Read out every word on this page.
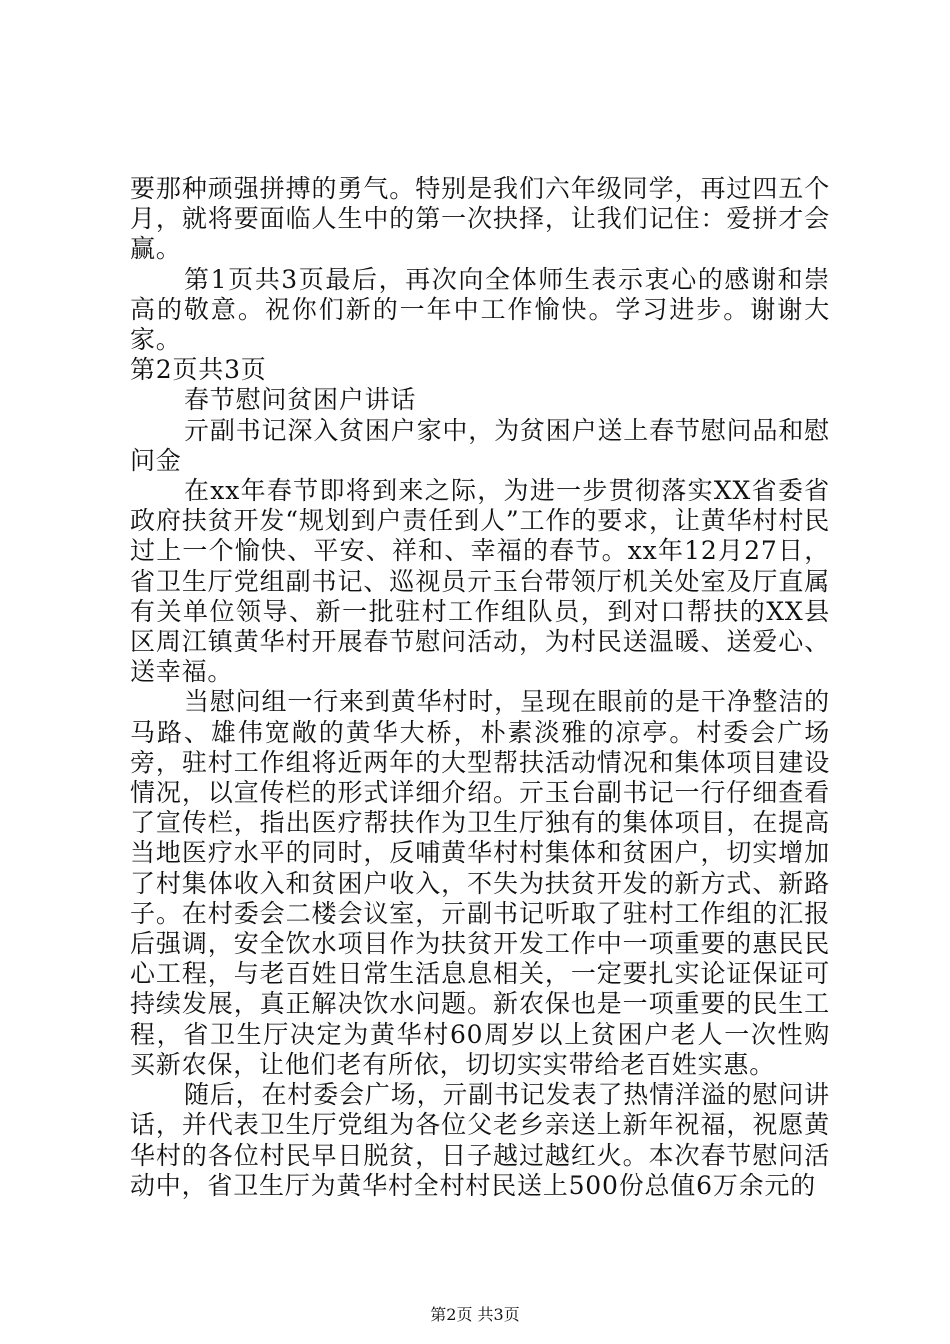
要那种顽强拼搏的勇气。特别是我们六年级同学，再过四五个月，就将要面临人生中的第一次抉择，让我们记住：爱拼才会赢。

第1页共3页最后，再次向全体师生表示衷心的感谢和崇高的敬意。祝你们新的一年中工作愉快。学习进步。谢谢大家。

第2页共3页

春节慰问贫困户讲话

亓副书记深入贫困户家中，为贫困户送上春节慰问品和慰问金

在xx年春节即将到来之际，为进一步贯彻落实XX省委省政府扶贫开发“规划到户责任到人”工作的要求，让黄华村村民过上一个愉快、平安、祥和、幸福的春节。xx年12月27日，省卫生厅党组副书记、巡视员亓玉台带领厅机关处室及厅直属有关单位领导、新一批驻村工作组队员，到对口帮扶的XX县区周江镇黄华村开展春节慰问活动，为村民送温暖、送爱心、送幸福。

当慰问组一行来到黄华村时，呈现在眼前的是干净整洁的马路、雄伟宽敞的黄华大桥，朴素淡雅的凉亭。村委会广场旁，驻村工作组将近两年的大型帮扶活动情况和集体项目建设情况，以宣传栏的形式详细介绍。亓玉台副书记一行仔细查看了宣传栏，指出医疗帮扶作为卫生厅独有的集体项目，在提高当地医疗水平的同时，反哺黄华村村集体和贫困户，切实增加了村集体收入和贫困户收入，不失为扶贫开发的新方式、新路子。在村委会二楼会议室，亓副书记听取了驻村工作组的汇报后强调，安全饮水项目作为扶贫开发工作中一项重要的惠民民心工程，与老百姓日常生活息息相关，一定要扎实论证保证可持续发展，真正解决饮水问题。新农保也是一项重要的民生工程，省卫生厅决定为黄华村60周岁以上贫困户老人一次性购买新农保，让他们老有所依，切切实实带给老百姓实惠。

随后，在村委会广场，亓副书记发表了热情洋溢的慰问讲话，并代表卫生厅党组为各位父老乡亲送上新年祝福，祝愿黄华村的各位村民早日脱贫，日子越过越红火。本次春节慰问活动中，省卫生厅为黄华村全村村民送上500份总值6万余元的

第2页 共3页
